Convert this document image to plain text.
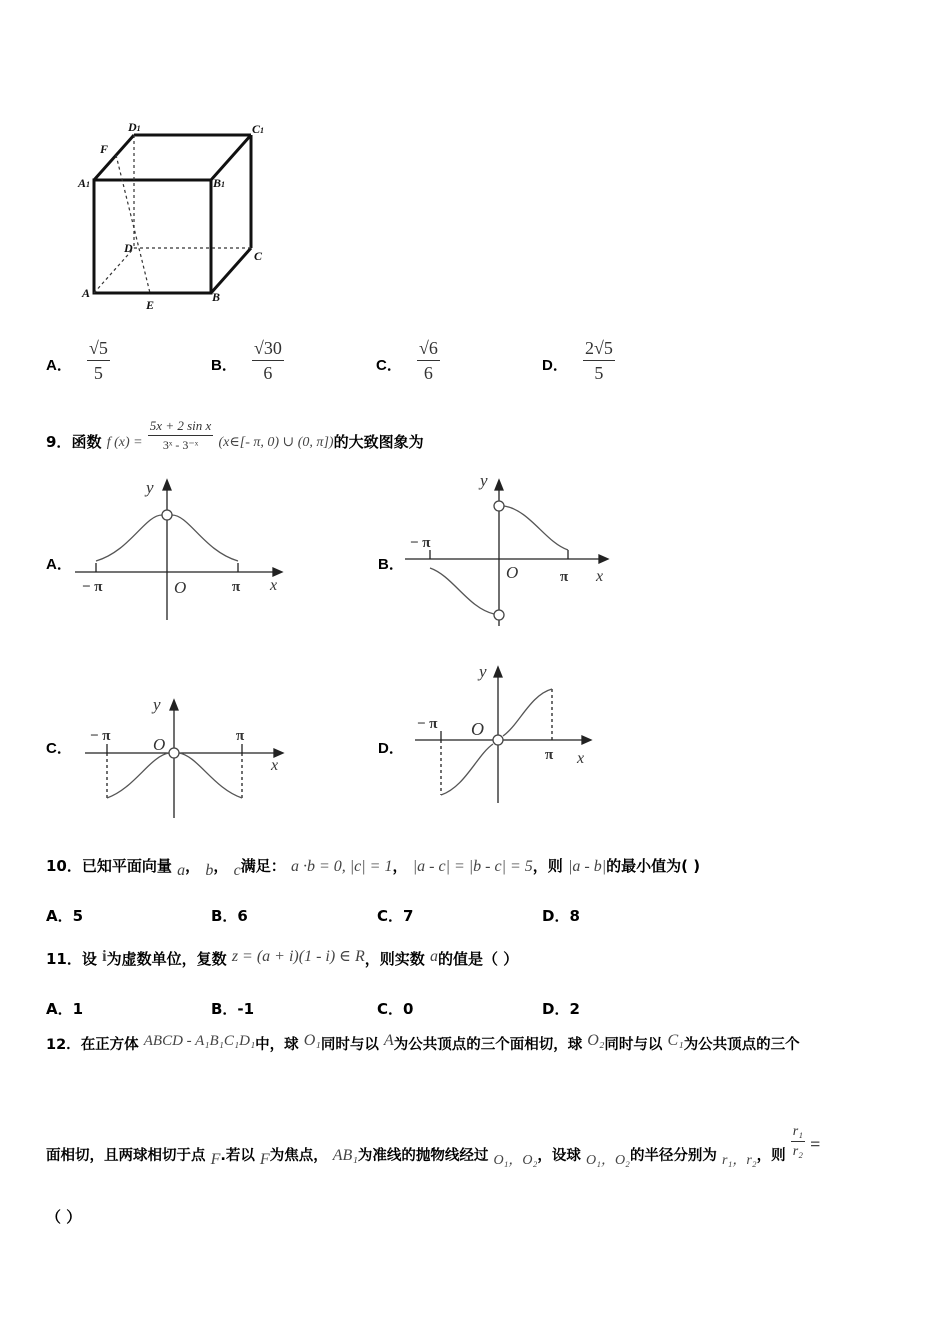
D1	C1
A1	B1
F
D
C
A	B
E
A． $\frac{√5}{5}$	B． $\frac{√30}{6}$	C． $\frac{√6}{6}$	D． $\frac{2√5}{5}$
9．函数 f $(x) = \frac{\text{5x + 2 sin x}}{\text{3ˣ - 3⁻ˣ}}$ (x∈[- π, 0) ∪ (0, π])的大致图象为
A．	B．
C．	D．
y
x
O
− π	π
y
x
O
− π
π
y
x
O
− π	π
y
x
O
− π
π
10．已知平面向量 a， b， c满足： a ·b = 0, |c| = 1， |a - c| = |b - c| = 5，则 |a - b|的最小值为( )
A．5	B．6	C．7	D．8
11．设 i为虚数单位，复数 z = (a + i)(1 - i) ∈ R，则实数 a的值是（ ）
A．1	B．-1	C．0	D．2
12．在正方体 ABCD - A₁B₁C₁D₁中，球 O₁同时与以 A为公共顶点的三个面相切，球 O₂同时与以 C₁为公共顶点的三个
面相切，且两球相切于点 F.若以 F为焦点， AB₁为准线的抛物线经过 O₁，O₂，设球 O₁，O₂的半径分别为 r₁，r₂，则 $\frac{\text{r₁}}{\text{r₂}}$ =
（ ）
